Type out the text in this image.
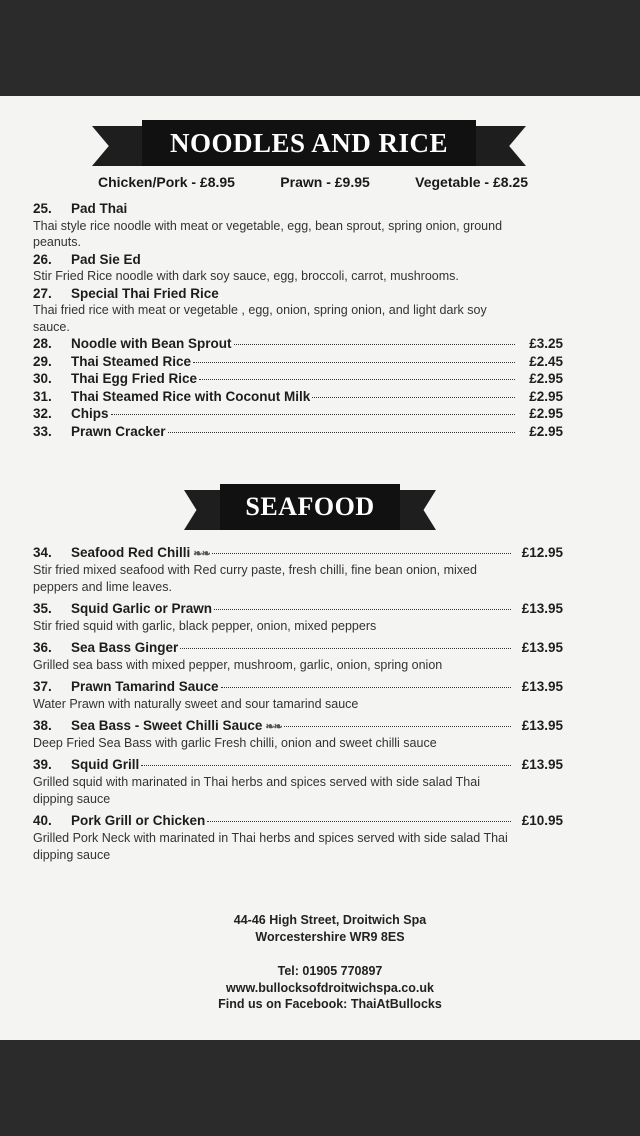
NOODLES AND RICE
Chicken/Pork - £8.95	Prawn - £9.95	Vegetable - £8.25
25.	Pad Thai
Thai style rice noodle with meat or vegetable, egg, bean sprout, spring onion, ground peanuts.
26.	Pad Sie Ed
Stir Fried Rice noodle with dark soy sauce, egg, broccoli, carrot, mushrooms.
27.	Special Thai Fried Rice
Thai fried rice with meat or vegetable , egg, onion, spring onion, and light dark soy sauce.
28.	Noodle with Bean Sprout	£3.25
29.	Thai Steamed Rice	£2.45
30.	Thai Egg Fried Rice	£2.95
31.	Thai Steamed Rice with Coconut Milk	£2.95
32.	Chips	£2.95
33.	Prawn Cracker	£2.95
SEAFOOD
34.	Seafood Red Chilli ❧❧	£12.95
Stir fried mixed seafood with Red curry paste, fresh chilli, fine bean onion, mixed peppers and lime leaves.
35.	Squid Garlic or Prawn	£13.95
Stir fried squid with garlic, black pepper, onion, mixed peppers
36.	Sea Bass Ginger	£13.95
Grilled sea bass with mixed pepper, mushroom, garlic, onion, spring onion
37.	Prawn Tamarind Sauce	£13.95
Water Prawn with naturally sweet and sour tamarind sauce
38.	Sea Bass - Sweet Chilli Sauce ❧❧	£13.95
Deep Fried Sea Bass with garlic Fresh chilli, onion and sweet chilli sauce
39.	Squid Grill	£13.95
Grilled squid with marinated in Thai herbs and spices served with side salad Thai dipping sauce
40.	Pork Grill or Chicken	£10.95
Grilled Pork Neck with marinated in Thai herbs and spices served with side salad Thai dipping sauce
44-46 High Street, Droitwich Spa
Worcestershire WR9 8ES
Tel: 01905 770897
www.bullocksofdroitwichspa.co.uk
Find us on Facebook: ThaiAtBullocks
